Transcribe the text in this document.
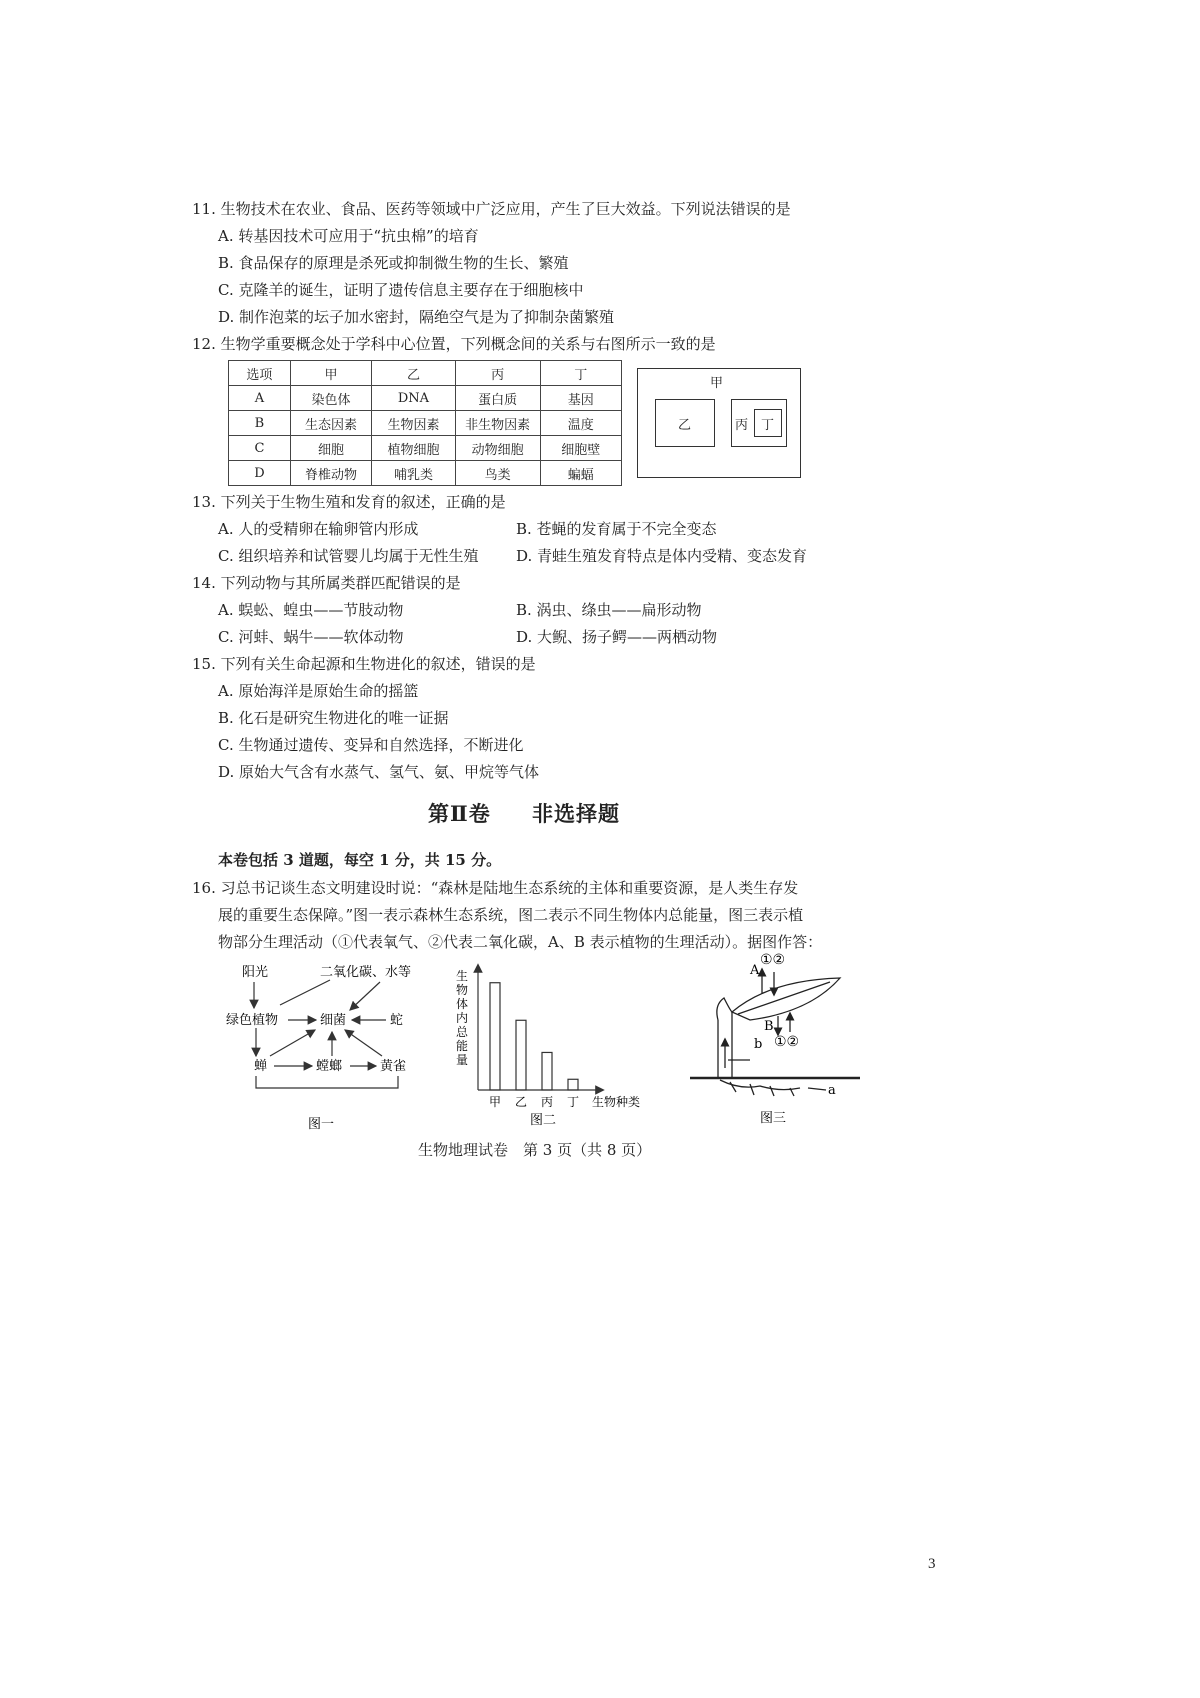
11. 生物技术在农业、食品、医药等领域中广泛应用，产生了巨大效益。下列说法错误的是
A. 转基因技术可应用于“抗虫棉”的培育
B. 食品保存的原理是杀死或抑制微生物的生长、繁殖
C. 克隆羊的诞生，证明了遗传信息主要存在于细胞核中
D. 制作泡菜的坛子加水密封，隔绝空气是为了抑制杂菌繁殖
12. 生物学重要概念处于学科中心位置，下列概念间的关系与右图所示一致的是
选项	甲	乙	丙	丁
A	染色体	DNA	蛋白质	基因
B	生态因素	生物因素	非生物因素	温度
C	细胞	植物细胞	动物细胞	细胞壁
D	脊椎动物	哺乳类	鸟类	蝙蝠
甲
乙	丙 丁
13. 下列关于生物生殖和发育的叙述，正确的是
A. 人的受精卵在输卵管内形成	B. 苍蝇的发育属于不完全变态
C. 组织培养和试管婴儿均属于无性生殖	D. 青蛙生殖发育特点是体内受精、变态发育
14. 下列动物与其所属类群匹配错误的是
A. 蜈蚣、蝗虫——节肢动物	B. 涡虫、绦虫——扁形动物
C. 河蚌、蜗牛——软体动物	D. 大鲵、扬子鳄——两栖动物
15. 下列有关生命起源和生物进化的叙述，错误的是
A. 原始海洋是原始生命的摇篮
B. 化石是研究生物进化的唯一证据
C. 生物通过遗传、变异和自然选择，不断进化
D. 原始大气含有水蒸气、氢气、氨、甲烷等气体
第Ⅱ卷 非选择题
本卷包括 3 道题，每空 1 分，共 15 分。
16. 习总书记谈生态文明建设时说：“森林是陆地生态系统的主体和重要资源，是人类生存发
展的重要生态保障。”图一表示森林生态系统，图二表示不同生物体内总能量，图三表示植
物部分生理活动（①代表氧气、②代表二氧化碳，A、B 表示植物的生理活动）。据图作答：
阳光	二氧化碳、水等
绿色植物	细菌	蛇
蝉	螳螂	黄雀
图一
生
物
体
内
总
能
量
甲 乙 丙 丁 生物种类
图二
A
①②
B
①②
b
a
图三
生物地理试卷　第 3 页（共 8 页）
3
